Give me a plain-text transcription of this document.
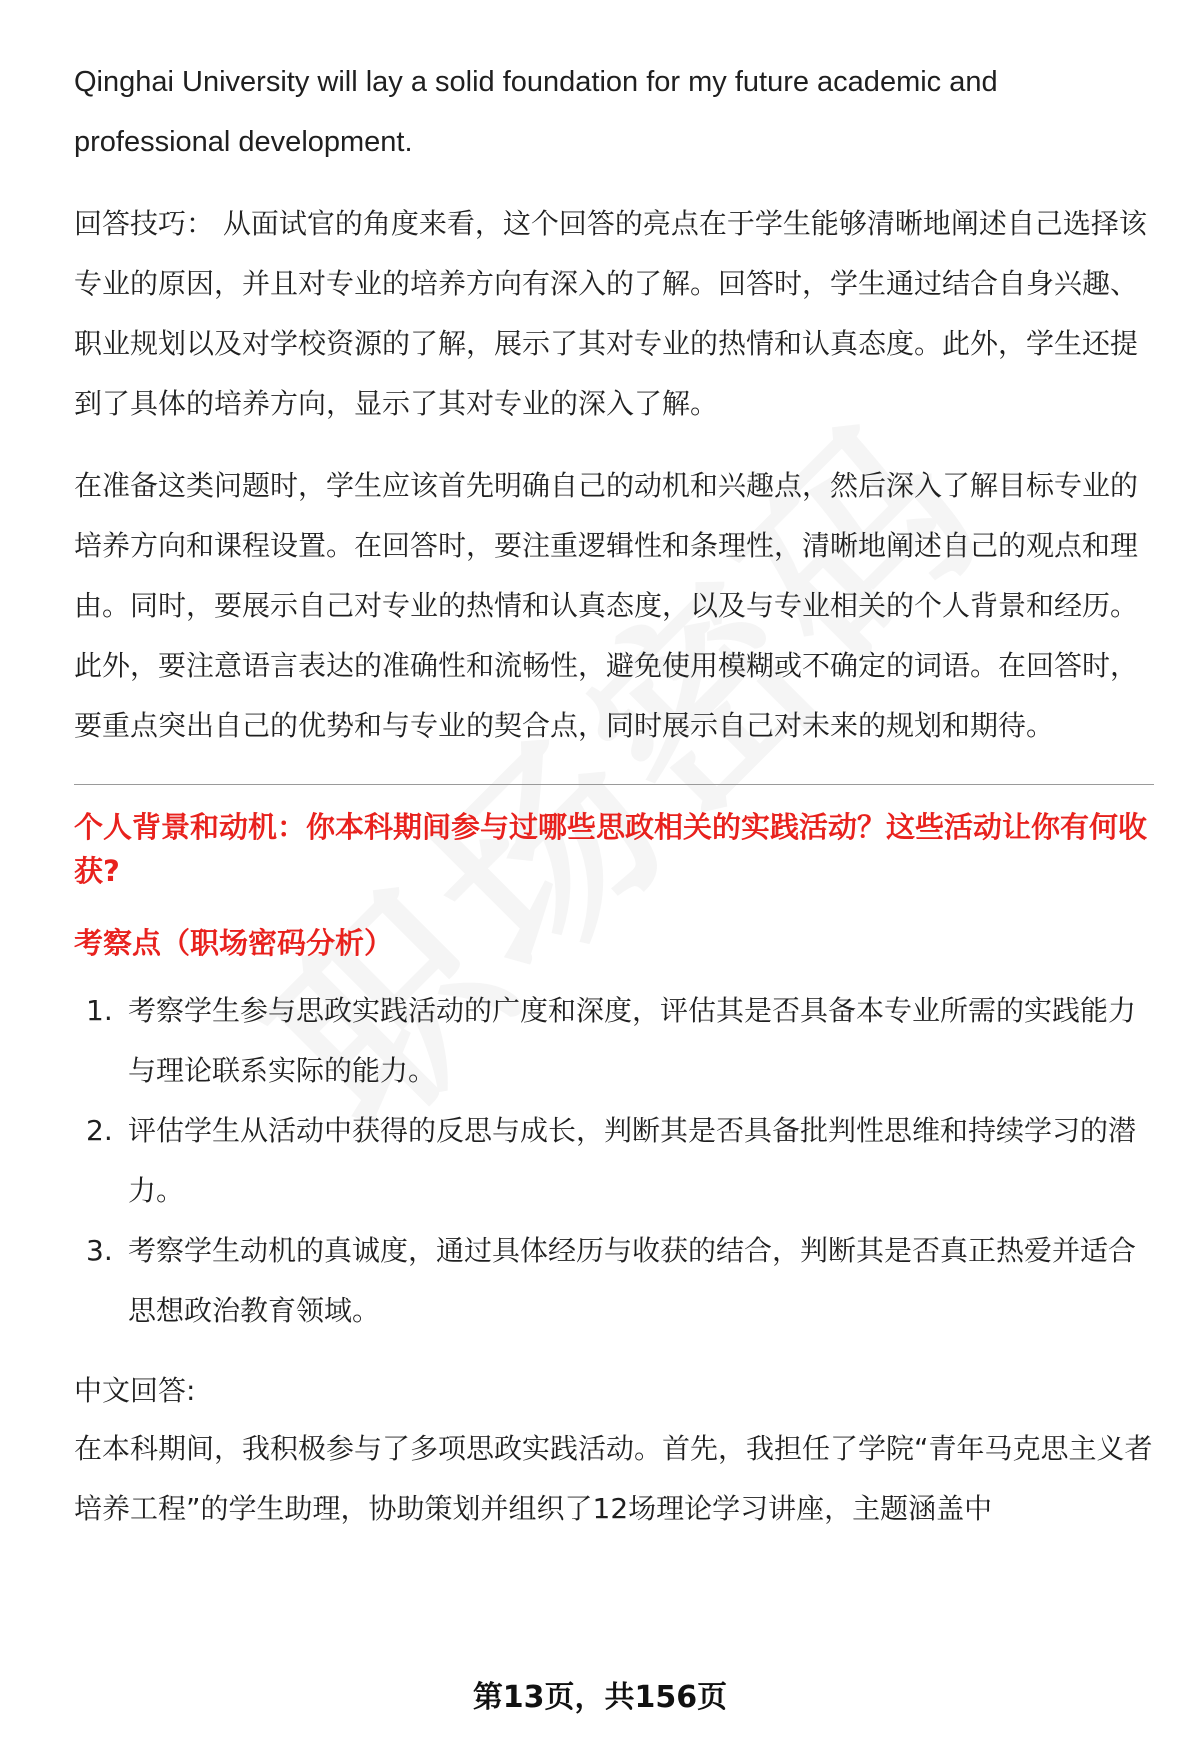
Qinghai University will lay a solid foundation for my future academic and professional development.

回答技巧： 从面试官的角度来看，这个回答的亮点在于学生能够清晰地阐述自己选择该专业的原因，并且对专业的培养方向有深入的了解。回答时，学生通过结合自身兴趣、职业规划以及对学校资源的了解，展示了其对专业的热情和认真态度。此外，学生还提到了具体的培养方向，显示了其对专业的深入了解。

在准备这类问题时，学生应该首先明确自己的动机和兴趣点，然后深入了解目标专业的培养方向和课程设置。在回答时，要注重逻辑性和条理性，清晰地阐述自己的观点和理由。同时，要展示自己对专业的热情和认真态度，以及与专业相关的个人背景和经历。此外，要注意语言表达的准确性和流畅性，避免使用模糊或不确定的词语。在回答时，要重点突出自己的优势和与专业的契合点，同时展示自己对未来的规划和期待。

个人背景和动机：你本科期间参与过哪些思政相关的实践活动？这些活动让你有何收获?

考察点（职场密码分析）

1. 考察学生参与思政实践活动的广度和深度，评估其是否具备本专业所需的实践能力与理论联系实际的能力。
2. 评估学生从活动中获得的反思与成长，判断其是否具备批判性思维和持续学习的潜力。
3. 考察学生动机的真诚度，通过具体经历与收获的结合，判断其是否真正热爱并适合思想政治教育领域。

中文回答:

在本科期间，我积极参与了多项思政实践活动。首先，我担任了学院“青年马克思主义者培养工程”的学生助理，协助策划并组织了12场理论学习讲座，主题涵盖中

第13页，共156页
